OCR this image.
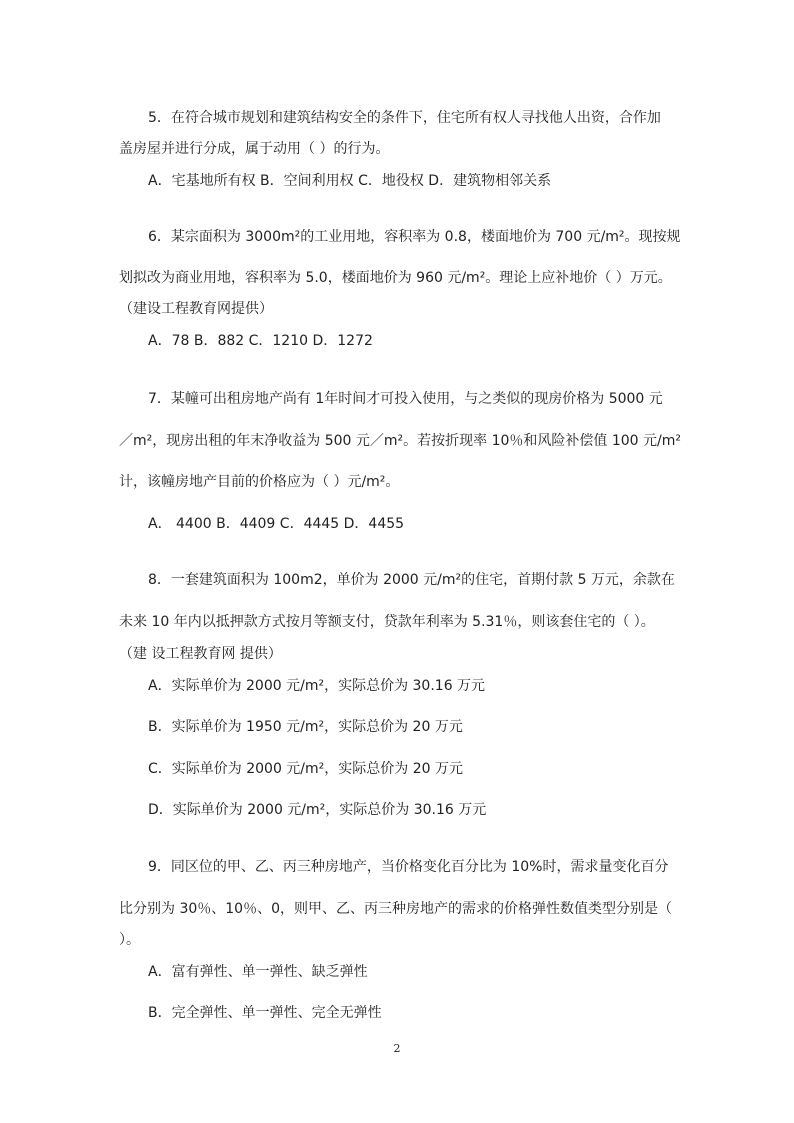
5．在符合城市规划和建筑结构安全的条件下，住宅所有权人寻找他人出资，合作加
盖房屋并进行分成，属于动用（ ）的行为。
A．宅基地所有权 B．空间利用权 C．地役权 D．建筑物相邻关系
6．某宗面积为 3000m²的工业用地，容积率为 0.8，楼面地价为 700 元/m²。现按规
划拟改为商业用地，容积率为 5.0，楼面地价为 960 元/m²。理论上应补地价（ ）万元。
（建设工程教育网提供）
A．78 B．882 C．1210 D．1272
7．某幢可出租房地产尚有 1年时间才可投入使用，与之类似的现房价格为 5000 元
／m²，现房出租的年末净收益为 500 元／m²。若按折现率 10％和风险补偿值 100 元/m²
计，该幢房地产目前的价格应为（ ）元/m²。
A． 4400 B．4409 C．4445 D．4455
8．一套建筑面积为 100m2，单价为 2000 元/m²的住宅，首期付款 5 万元，余款在
未来 10 年内以抵押款方式按月等额支付，贷款年利率为 5.31％，则该套住宅的（ ）。
（建 设工程教育网 提供）
A．实际单价为 2000 元/m²，实际总价为 30.16 万元
B．实际单价为 1950 元/m²，实际总价为 20 万元
C．实际单价为 2000 元/m²，实际总价为 20 万元
D．实际单价为 2000 元/m²，实际总价为 30.16 万元
9．同区位的甲、乙、丙三种房地产，当价格变化百分比为 10%时，需求量变化百分
比分别为 30％、10％、0，则甲、乙、丙三种房地产的需求的价格弹性数值类型分别是（
）。
A．富有弹性、单一弹性、缺乏弹性
B．完全弹性、单一弹性、完全无弹性
2
